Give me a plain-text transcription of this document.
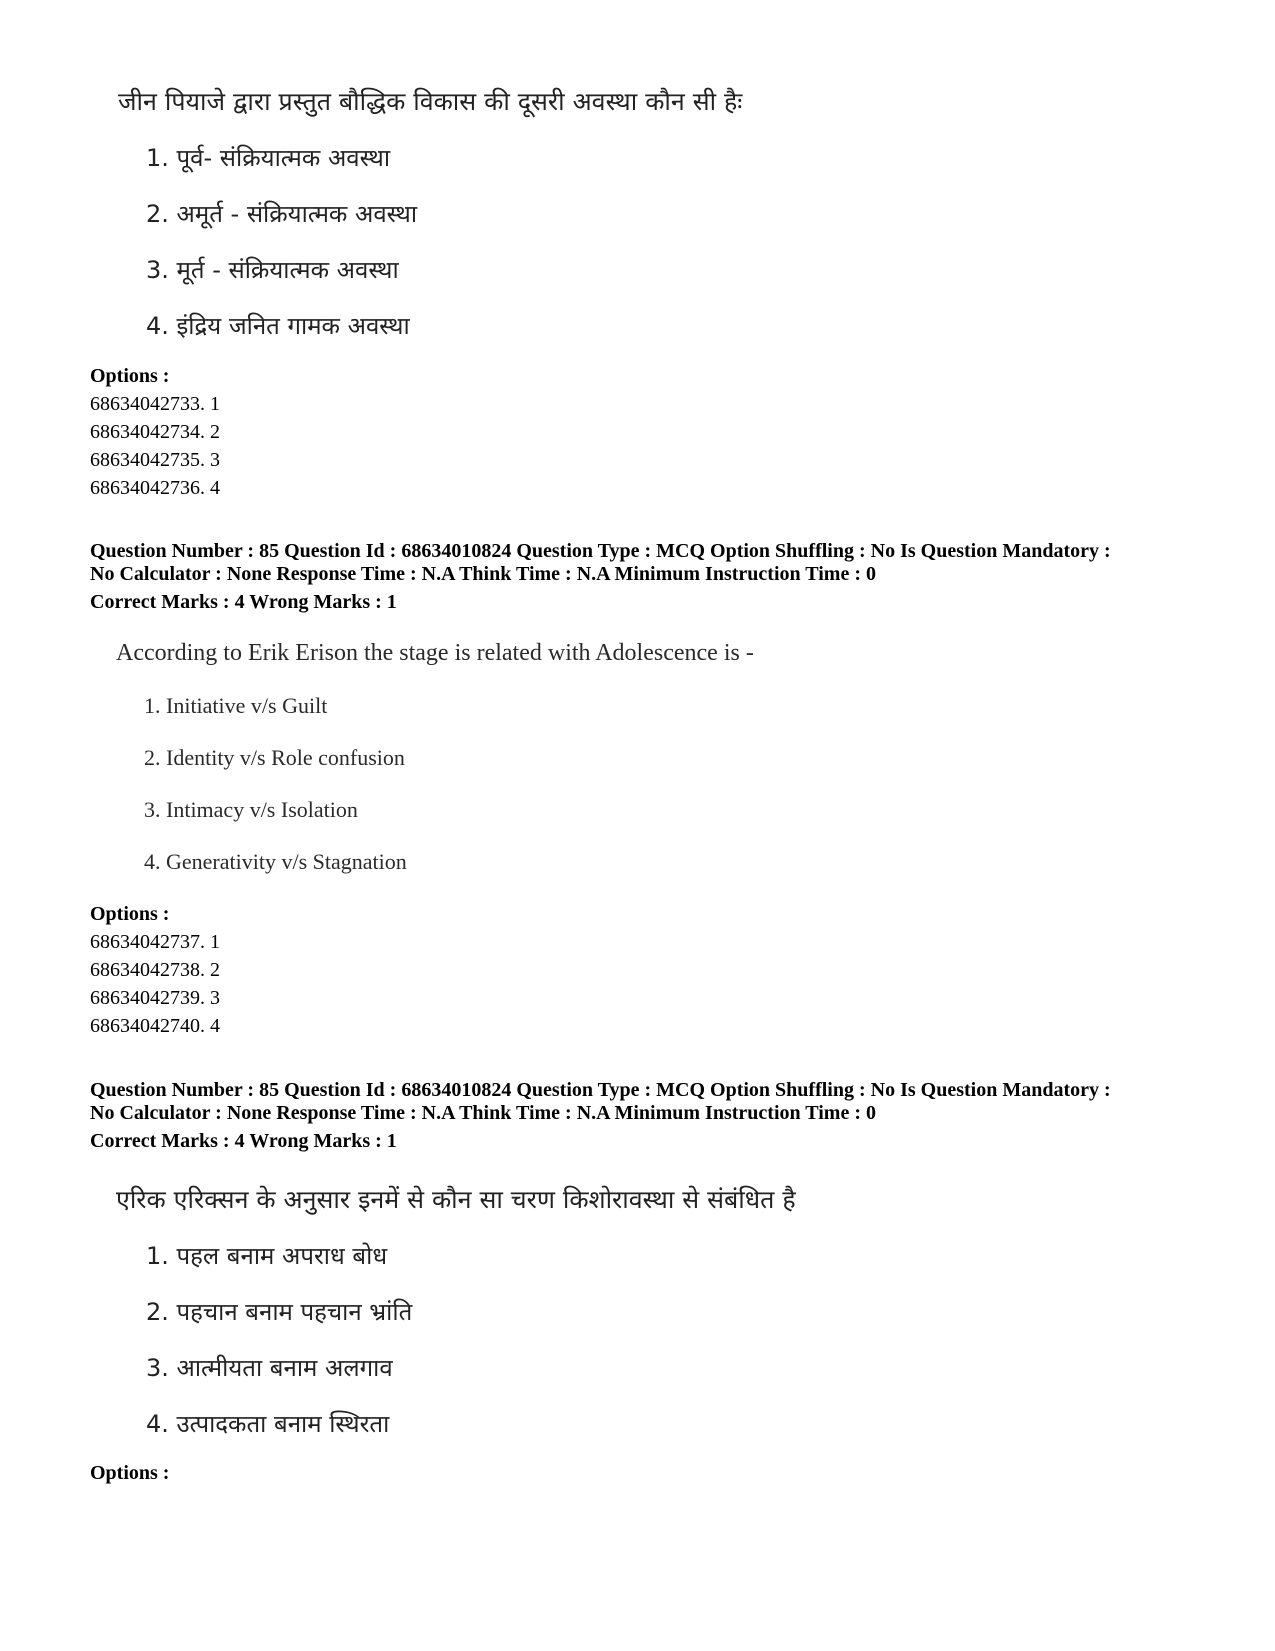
जीन पियाजे द्वारा प्रस्तुत बौद्धिक विकास की दूसरी अवस्था कौन सी हैः
1. पूर्व- संक्रियात्मक अवस्था
2. अमूर्त - संक्रियात्मक अवस्था
3. मूर्त - संक्रियात्मक अवस्था
4. इंद्रिय जनित गामक अवस्था
Options :
68634042733. 1
68634042734. 2
68634042735. 3
68634042736. 4
Question Number : 85 Question Id : 68634010824 Question Type : MCQ Option Shuffling : No Is Question Mandatory :
No Calculator : None Response Time : N.A Think Time : N.A Minimum Instruction Time : 0
Correct Marks : 4 Wrong Marks : 1
According to Erik Erison the stage is related with Adolescence is -
1. Initiative v/s Guilt
2. Identity v/s Role confusion
3. Intimacy v/s Isolation
4. Generativity v/s Stagnation
Options :
68634042737. 1
68634042738. 2
68634042739. 3
68634042740. 4
Question Number : 85 Question Id : 68634010824 Question Type : MCQ Option Shuffling : No Is Question Mandatory :
No Calculator : None Response Time : N.A Think Time : N.A Minimum Instruction Time : 0
Correct Marks : 4 Wrong Marks : 1
एरिक एरिक्सन के अनुसार इनमें से कौन सा चरण किशोरावस्था से संबंधित है
1. पहल बनाम अपराध बोध
2. पहचान बनाम पहचान भ्रांति
3. आत्मीयता बनाम अलगाव
4. उत्पादकता बनाम स्थिरता
Options :
